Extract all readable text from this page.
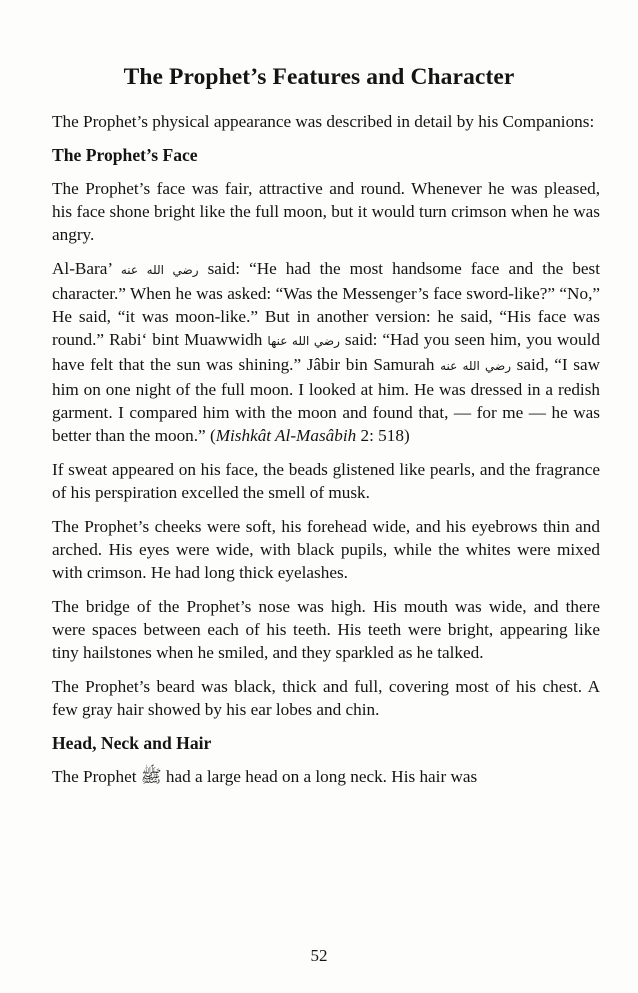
The Prophet’s Features and Character

The Prophet’s physical appearance was described in detail by his Companions:

The Prophet’s Face

The Prophet’s face was fair, attractive and round. Whenever he was pleased, his face shone bright like the full moon, but it would turn crimson when he was angry.

Al-Bara’ رضي الله عنه said: “He had the most handsome face and the best character.” When he was asked: “Was the Messenger’s face sword-like?” “No,” He said, “it was moon-like.” But in another version: he said, “His face was round.” Rabi‘ bint Muawwidh رضي الله عنها said: “Had you seen him, you would have felt that the sun was shining.” Jâbir bin Samurah رضي الله عنه said, “I saw him on one night of the full moon. I looked at him. He was dressed in a redish garment. I compared him with the moon and found that, — for me — he was better than the moon.” (Mishkât Al-Masâbih 2: 518)

If sweat appeared on his face, the beads glistened like pearls, and the fragrance of his perspiration excelled the smell of musk.

The Prophet’s cheeks were soft, his forehead wide, and his eyebrows thin and arched. His eyes were wide, with black pupils, while the whites were mixed with crimson. He had long thick eyelashes.

The bridge of the Prophet’s nose was high. His mouth was wide, and there were spaces between each of his teeth. His teeth were bright, appearing like tiny hailstones when he smiled, and they sparkled as he talked.

The Prophet’s beard was black, thick and full, covering most of his chest. A few gray hair showed by his ear lobes and chin.

Head, Neck and Hair

The Prophet ﷺ had a large head on a long neck. His hair was

52
